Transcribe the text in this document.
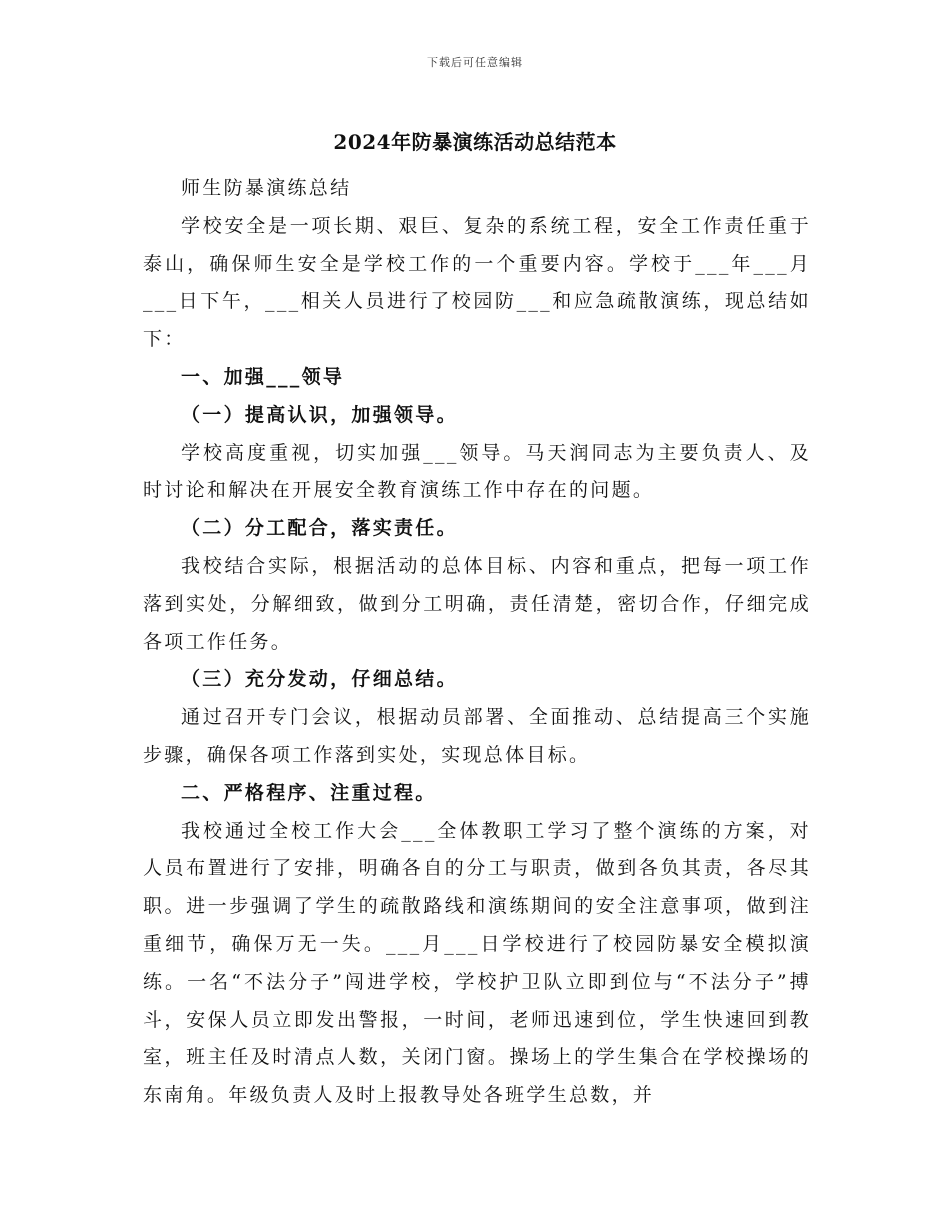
下载后可任意编辑
2024年防暴演练活动总结范本

师生防暴演练总结

学校安全是一项长期、艰巨、复杂的系统工程，安全工作责任重于泰山，确保师生安全是学校工作的一个重要内容。学校于___年___月___日下午，___相关人员进行了校园防___和应急疏散演练，现总结如下：

一、加强___领导

（一）提高认识，加强领导。

学校高度重视，切实加强___领导。马天润同志为主要负责人、及时讨论和解决在开展安全教育演练工作中存在的问题。

（二）分工配合，落实责任。

我校结合实际，根据活动的总体目标、内容和重点，把每一项工作落到实处，分解细致，做到分工明确，责任清楚，密切合作，仔细完成各项工作任务。

（三）充分发动，仔细总结。

通过召开专门会议，根据动员部署、全面推动、总结提高三个实施步骤，确保各项工作落到实处，实现总体目标。

二、严格程序、注重过程。

我校通过全校工作大会___全体教职工学习了整个演练的方案，对人员布置进行了安排，明确各自的分工与职责，做到各负其责，各尽其职。进一步强调了学生的疏散路线和演练期间的安全注意事项，做到注重细节，确保万无一失。___月___日学校进行了校园防暴安全模拟演练。一名“不法分子”闯进学校，学校护卫队立即到位与“不法分子”搏斗，安保人员立即发出警报，一时间，老师迅速到位，学生快速回到教室，班主任及时清点人数，关闭门窗。操场上的学生集合在学校操场的东南角。年级负责人及时上报教导处各班学生总数，并
